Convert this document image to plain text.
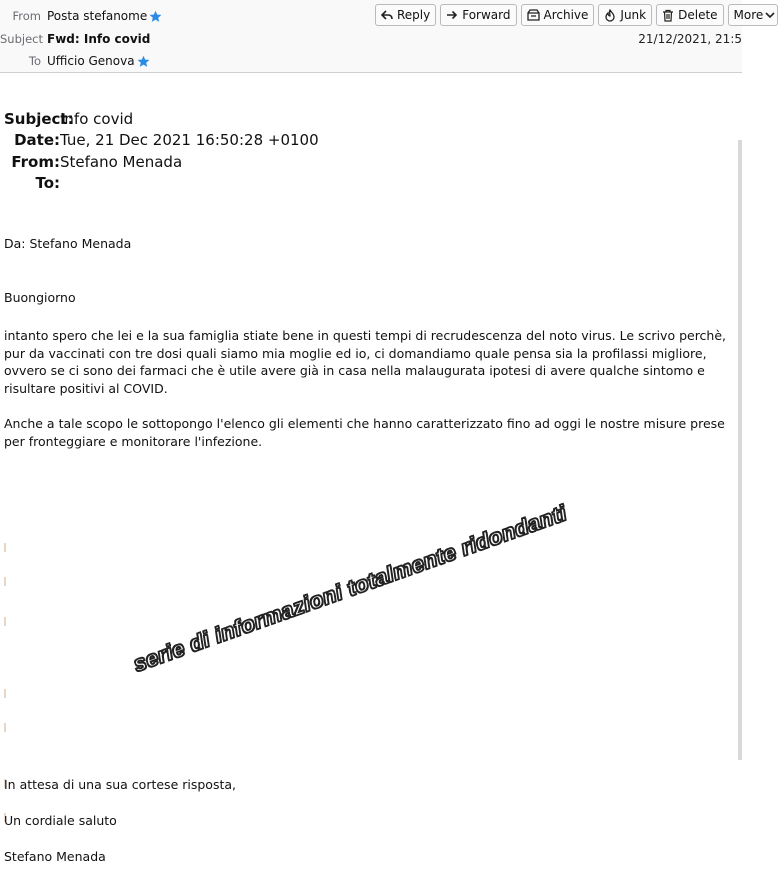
From Posta stefanome
Subject Fwd: Info covid
To Ufficio Genova
21/12/2021, 21:5
Reply	Forward	Archive	Junk	Delete More
Subject:Info covid
Date:Tue, 21 Dec 2021 16:50:28 +0100
From:Stefano Menada
To:
Da: Stefano Menada
Buongiorno
intanto spero che lei e la sua famiglia stiate bene in questi tempi di recrudescenza del noto virus. Le scrivo perchè, pur da vaccinati con tre dosi quali siamo mia moglie ed io, ci domandiamo quale pensa sia la profilassi migliore, ovvero se ci sono dei farmaci che è utile avere già in casa nella malaugurata ipotesi di avere qualche sintomo e risultare positivi al COVID.
Anche a tale scopo le sottopongo l'elenco gli elementi che hanno caratterizzato fino ad oggi le nostre misure prese per fronteggiare e monitorare l'infezione.
serie di informazioni totalmente ridondanti
In attesa di una sua cortese risposta,
Un cordiale saluto
Stefano Menada
